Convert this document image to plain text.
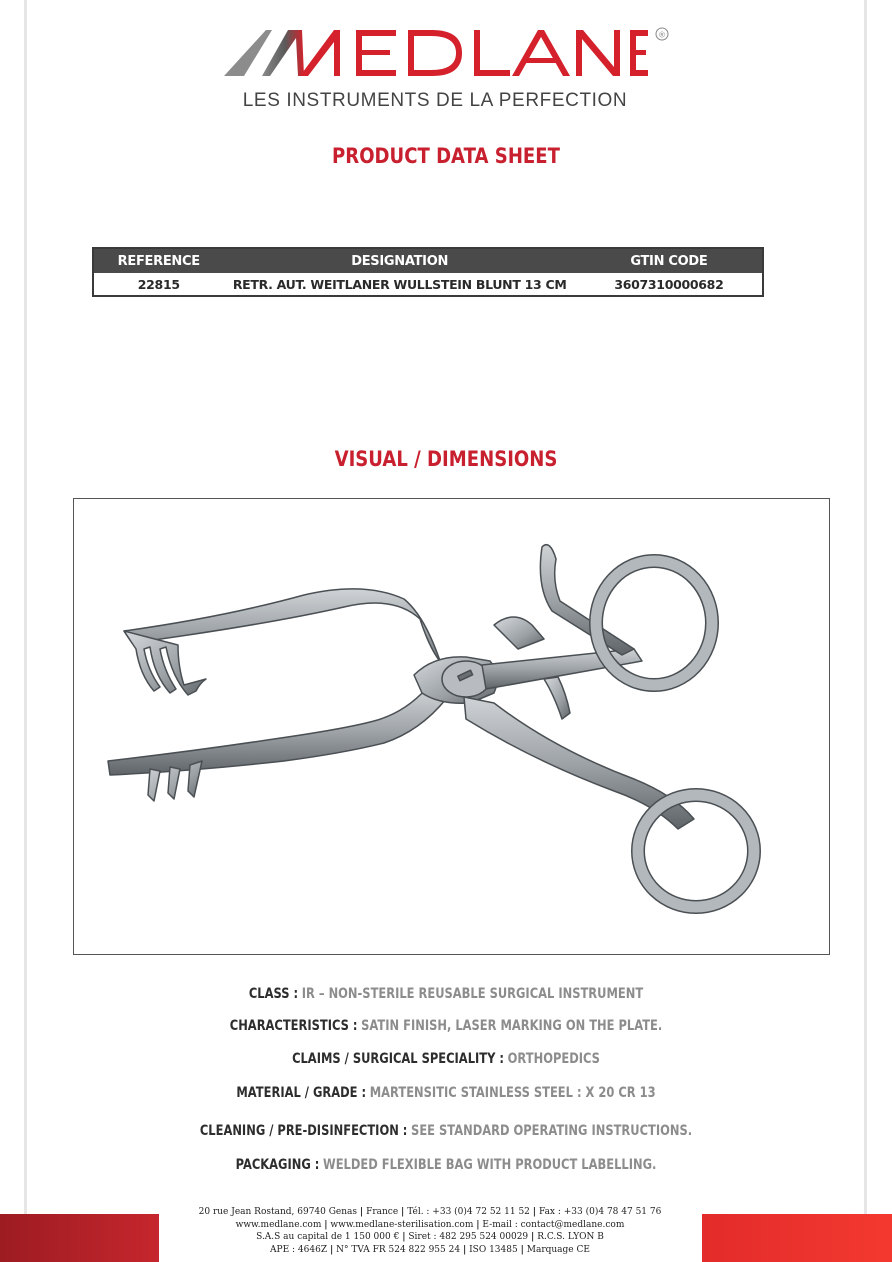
®
LES INSTRUMENTS DE LA PERFECTION
PRODUCT DATA SHEET
REFERENCE	DESIGNATION	GTIN CODE
22815	RETR. AUT. WEITLANER WULLSTEIN BLUNT 13 CM	3607310000682
VISUAL / DIMENSIONS
CLASS : IR – NON-STERILE REUSABLE SURGICAL INSTRUMENT
CHARACTERISTICS : SATIN FINISH, LASER MARKING ON THE PLATE.
CLAIMS / SURGICAL SPECIALITY : ORTHOPEDICS
MATERIAL / GRADE : MARTENSITIC STAINLESS STEEL : X 20 CR 13
CLEANING / PRE-DISINFECTION : SEE STANDARD OPERATING INSTRUCTIONS.
PACKAGING : WELDED FLEXIBLE BAG WITH PRODUCT LABELLING.
20 rue Jean Rostand, 69740 Genas | France | Tél. : +33 (0)4 72 52 11 52 | Fax : +33 (0)4 78 47 51 76
www.medlane.com | www.medlane-sterilisation.com | E-mail : contact@medlane.com
S.A.S au capital de 1 150 000 € | Siret : 482 295 524 00029 | R.C.S. LYON B
APE : 4646Z | N° TVA FR 524 822 955 24 | ISO 13485 | Marquage CE
